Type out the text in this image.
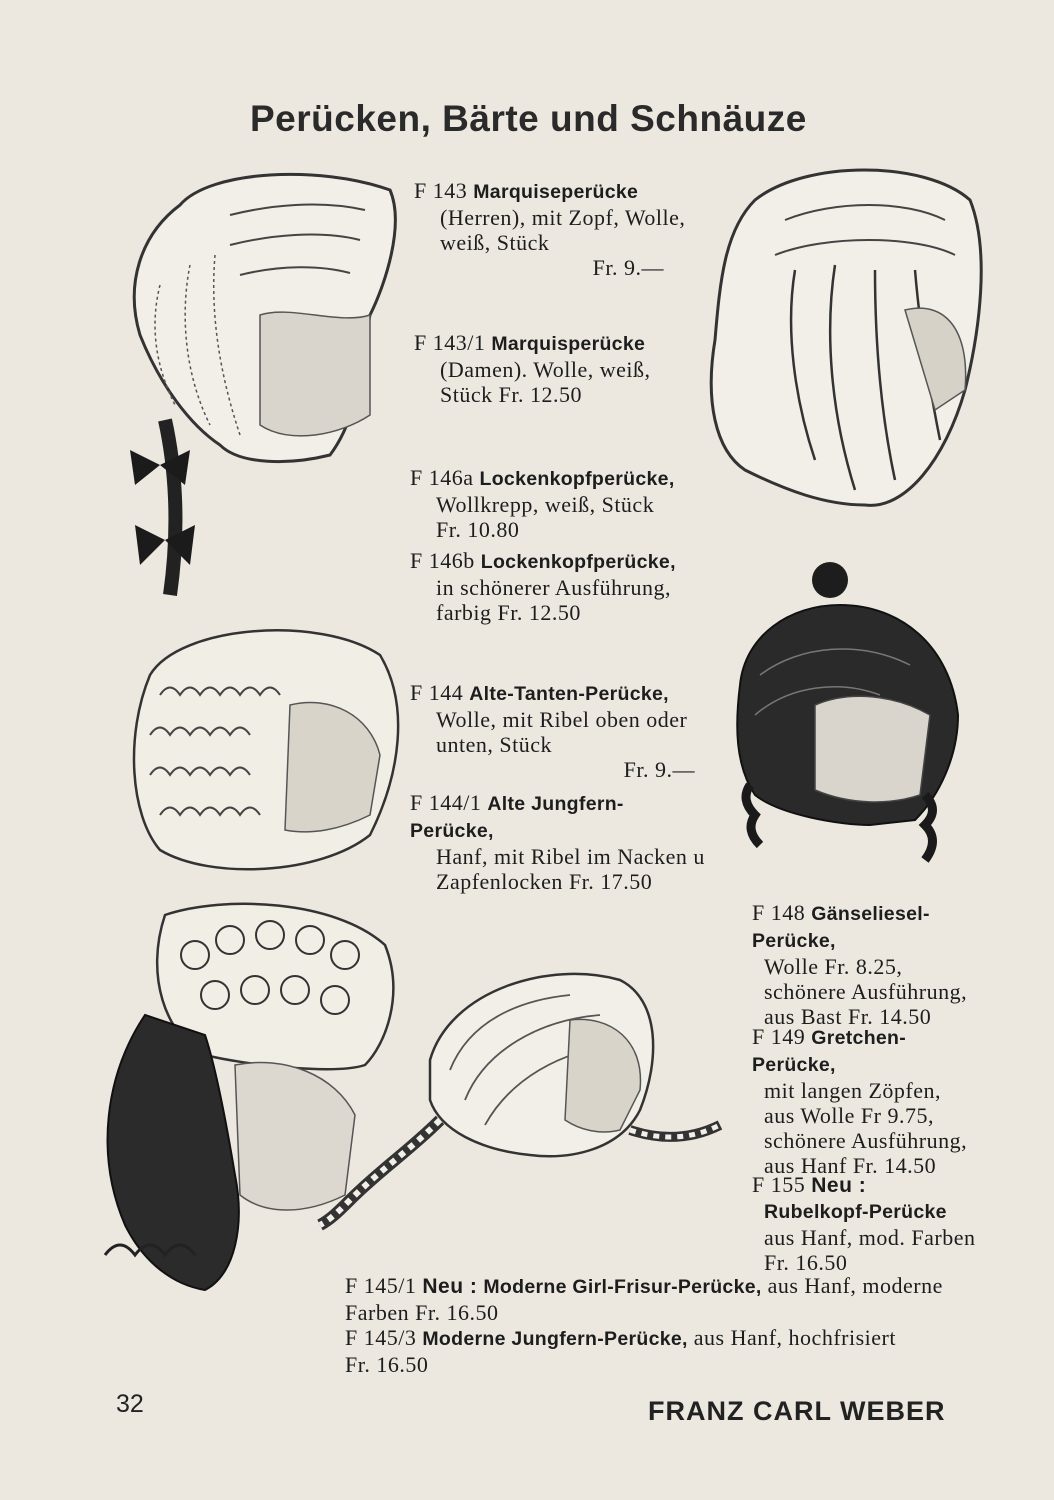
Perücken, Bärte und Schnäuze
F 143 Marquiseperücke
(Herren), mit Zopf, Wolle, weiß, Stück
Fr. 9.—
F 143/1 Marquisperücke
(Damen). Wolle, weiß, Stück Fr. 12.50
F 146a Lockenkopfperücke,
Wollkrepp, weiß, Stück Fr. 10.80
F 146b Lockenkopfperücke,
in schönerer Ausführung, farbig Fr. 12.50
F 144 Alte-Tanten-Perücke,
Wolle, mit Ribel oben oder unten, Stück
Fr. 9.—
F 144/1 Alte Jungfern-Perücke,
Hanf, mit Ribel im Nacken u Zapfenlocken Fr. 17.50
F 148 Gänseliesel-Perücke,
Wolle Fr. 8.25, schönere Ausführung, aus Bast Fr. 14.50
F 149 Gretchen-Perücke,
mit langen Zöpfen, aus Wolle Fr 9.75, schönere Ausführung, aus Hanf Fr. 14.50
F 155 Neu :
Rubelkopf-Perücke aus Hanf, mod. Farben Fr. 16.50
F 145/1 Neu : Moderne Girl-Frisur-Perücke, aus Hanf, moderne Farben Fr. 16.50
F 145/3 Moderne Jungfern-Perücke, aus Hanf, hochfrisiert Fr. 16.50
32	FRANZ CARL WEBER
